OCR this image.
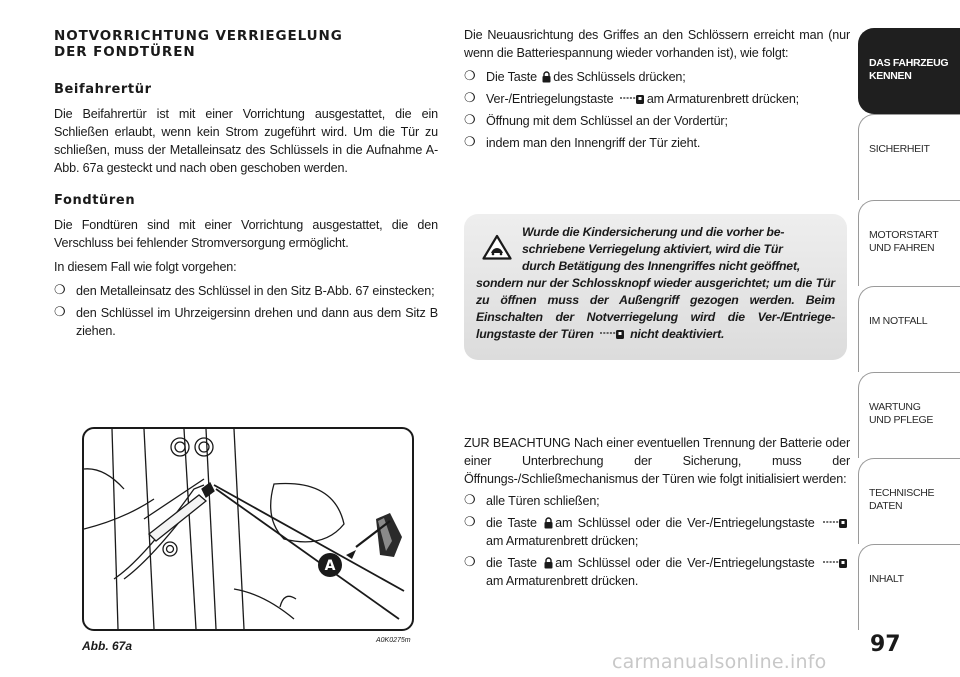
NOTVORRICHTUNG VERRIEGELUNG
DER FONDTÜREN
Beifahrertür

Die Beifahrertür ist mit einer Vorrichtung ausgestattet, die ein Schließen erlaubt, wenn kein Strom zugeführt wird. Um die Tür zu schließen, muss der Metalleinsatz des Schlüssels in die Aufnahme A-Abb. 67a gesteckt und nach oben geschoben werden.

Fondtüren

Die Fondtüren sind mit einer Vorrichtung ausgestattet, die den Verschluss bei fehlender Stromversorgung ermöglicht.

In diesem Fall wie folgt vorgehen:

❍ den Metalleinsatz des Schlüssel in den Sitz B-Abb. 67 einstecken;
❍ den Schlüssel im Uhrzeigersinn drehen und dann aus dem Sitz B ziehen.

Die Neuausrichtung des Griffes an den Schlössern erreicht man (nur wenn die Batteriespannung wieder vorhanden ist), wie folgt:

❍ Die Taste des Schlüssels drücken;
❍ Ver-/Entriegelungstaste	am Armaturenbrett drücken;
❍ Öffnung mit dem Schlüssel an der Vordertür;
❍ indem man den Innengriff der Tür zieht.

Wurde die Kindersicherung und die vorher be-
schriebene Verriegelung aktiviert, wird die Tür
durch Betätigung des Innengriffes nicht geöffnet,
sondern nur der Schlossknopf wieder ausgerichtet; um die Tür zu öffnen muss der Außengriff gezogen werden. Beim Einschalten der Notverriegelung wird die Ver-/Entriege-lungstaste der Türen	nicht deaktiviert.

A
Abb. 67a	A0K0275m

ZUR BEACHTUNG Nach einer eventuellen Trennung der Batterie oder einer Unterbrechung der Sicherung, muss der Öffnungs-/Schließmechanismus der Türen wie folgt initialisiert werden:

❍ alle Türen schließen;
❍ die Taste am Schlüssel oder die Ver-/Entriegelungstaste  am Armaturenbrett drücken;
❍ die Taste am Schlüssel oder die Ver-/Entriegelungstaste  am Armaturenbrett drücken.
DAS FAHRZEUG
KENNEN
SICHERHEIT
MOTORSTART
UND FAHREN
IM NOTFALL
WARTUNG
UND PFLEGE
TECHNISCHE
DATEN
INHALT
97
carmanualsonline.info
